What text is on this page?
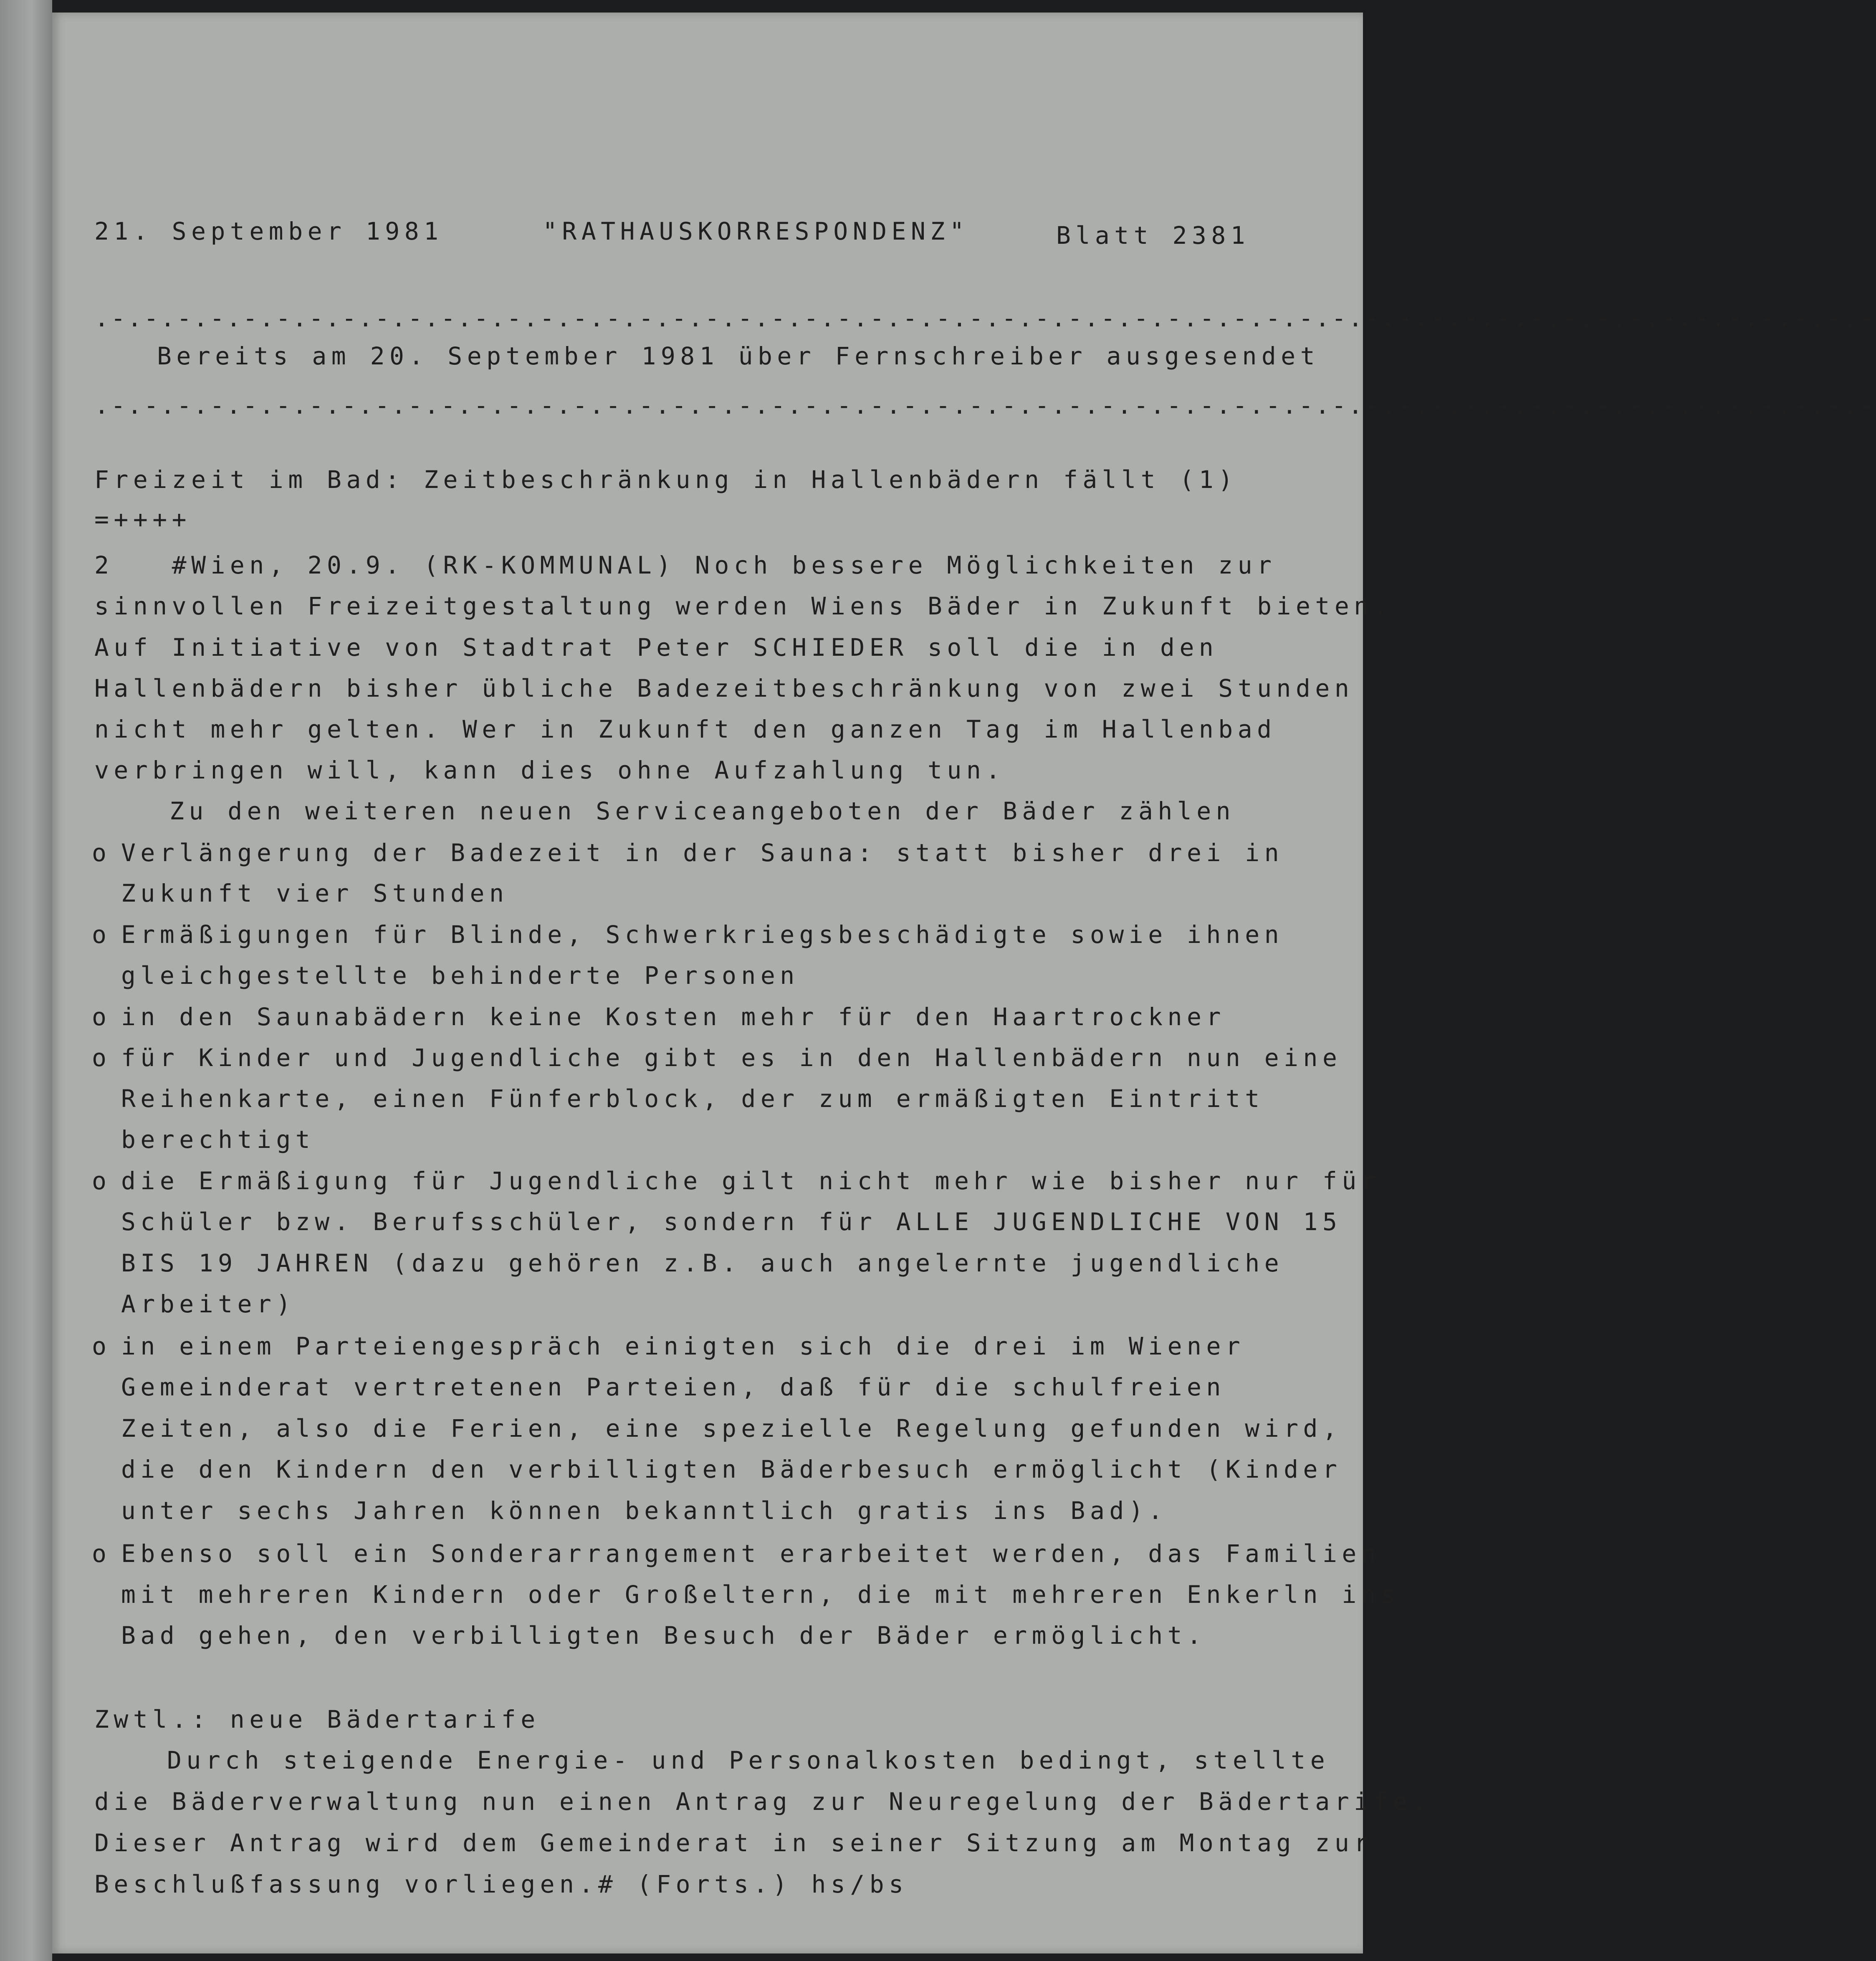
21. September 1981	"RATHAUSKORRESPONDENZ"	Blatt 2381
.-.-.-.-.-.-.-.-.-.-.-.-.-.-.-.-.-.-.-.-.-.-.-.-.-.-.-.-.-.-.-.-.-.-.-.-.-.-.-.-.-.-.-.-.-.-.-.-.-.-.-.-.-.-
Bereits am 20. September 1981 über Fernschreiber ausgesendet
.-.-.-.-.-.-.-.-.-.-.-.-.-.-.-.-.-.-.-.-.-.-.-.-.-.-.-.-.-.-.-.-.-.-.-.-.-.-.-.-.-.-.-.-.-.-.-.-.-.-.-.-.-.-
Freizeit im Bad: Zeitbeschränkung in Hallenbädern fällt (1)
=++++
2   #Wien, 20.9. (RK-KOMMUNAL) Noch bessere Möglichkeiten zur
sinnvollen Freizeitgestaltung werden Wiens Bäder in Zukunft bieten.
Auf Initiative von Stadtrat Peter SCHIEDER soll die in den
Hallenbädern bisher übliche Badezeitbeschränkung von zwei Stunden
nicht mehr gelten. Wer in Zukunft den ganzen Tag im Hallenbad
verbringen will, kann dies ohne Aufzahlung tun.
Zu den weiteren neuen Serviceangeboten der Bäder zählen
o Verlängerung der Badezeit in der Sauna: statt bisher drei in
Zukunft vier Stunden
o Ermäßigungen für Blinde, Schwerkriegsbeschädigte sowie ihnen
gleichgestellte behinderte Personen
o in den Saunabädern keine Kosten mehr für den Haartrockner
o für Kinder und Jugendliche gibt es in den Hallenbädern nun eine
Reihenkarte, einen Fünferblock, der zum ermäßigten Eintritt
berechtigt
o die Ermäßigung für Jugendliche gilt nicht mehr wie bisher nur für
Schüler bzw. Berufsschüler, sondern für ALLE JUGENDLICHE VON 15
BIS 19 JAHREN (dazu gehören z.B. auch angelernte jugendliche
Arbeiter)
o in einem Parteiengespräch einigten sich die drei im Wiener
Gemeinderat vertretenen Parteien, daß für die schulfreien
Zeiten, also die Ferien, eine spezielle Regelung gefunden wird,
die den Kindern den verbilligten Bäderbesuch ermöglicht (Kinder
unter sechs Jahren können bekanntlich gratis ins Bad).
o Ebenso soll ein Sonderarrangement erarbeitet werden, das Familien
mit mehreren Kindern oder Großeltern, die mit mehreren Enkerln ins
Bad gehen, den verbilligten Besuch der Bäder ermöglicht.
Zwtl.: neue Bädertarife
Durch steigende Energie- und Personalkosten bedingt, stellte
die Bäderverwaltung nun einen Antrag zur Neuregelung der Bädertarife.
Dieser Antrag wird dem Gemeinderat in seiner Sitzung am Montag zur
Beschlußfassung vorliegen.# (Forts.) hs/bs
